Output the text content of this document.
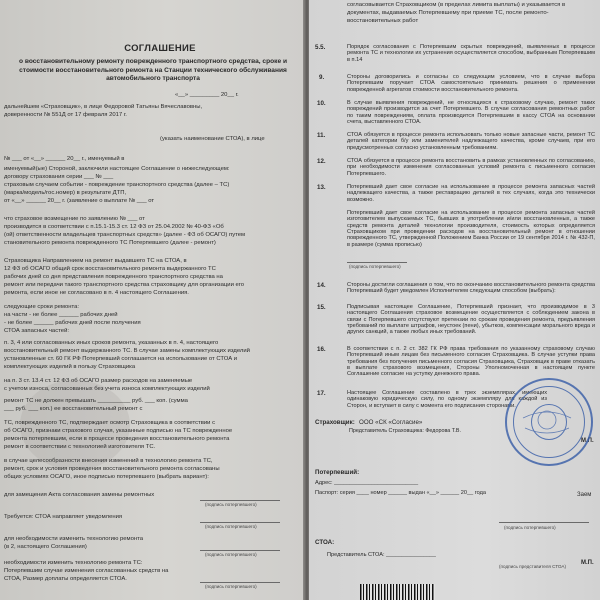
СОГЛАШЕНИЕ
о восстановительному ремонту поврежденного транспортного средства, сроке и
стоимости восстановительного ремонта на Станции технического обслуживания
автомобильного транспорта
«__» _________ 20__ г.
дальнейшем «Страховщик», в лице Федоровой Татьяны Вячеславовны,
доверенности № 551Д от 17 февраля 2017 г.
(указать наименование СТОА), в лице
№ ___ от «__» ______ 20__ г., именуемый в
именуемый(ые) Стороной, заключили настоящее Соглашение о нижеследующем:
договору страхования серии ___ № ___
страховым случаем событии - повреждение транспортного средства (далее – ТС)
(марка/модель/гос.номер) в результате ДТП,
от «__» ______ 20__ г. (заявление о выплате № ___ от
что страховое возмещение по заявлению № ___ от
производится в соответствии с п.15.1-15.3 ст. 12 ФЗ от 25.04.2002 № 40-ФЗ «Об
(ой) ответственности владельцев транспортных средств» (далее - ФЗ об ОСАГО) путем
становительного ремонта поврежденного ТС Потерпевшего (далее - ремонт)
Страховщика Направлением на ремонт выдавшего ТС на СТОА, в
12 ФЗ об ОСАГО общий срок восстановительного ремонта выдержанного ТС
рабочих дней со дня представления поврежденного транспортного средства на
ремонт или передачи такого транспортного средства страховщику для организации его
ремонта, если иное не согласовано в п. 4 настоящего Соглашения.
следующие сроки ремонта:
на части - не более ______ рабочих дней
- не более ______ рабочих дней после получения
СТОА запасных частей:
п. 3, 4 или согласованных иных сроков ремонта, указанных в п. 4, настоящего
восстановительный ремонт выдержанного ТС. В случае замены комплектующих изделий
установленные ст. 60 ГК РФ Потерпевший соглашается на использование от СТОА и
комплектующих изделий в пользу Страховщика
на п. 3 ст. 13.4 ст. 12 ФЗ об ОСАГО размер расходов на заменяемые
с учетом износа, согласованных без учета износа комплектующих изделий
ремонт ТС не должен превышать __________ руб. ___ коп. (сумма
___ руб. ___ коп.) ее восстановительный ремонт с
ТС, поврежденного ТС, подтверждает осмотр Страховщика в соответствии с
об ОСАГО, признаки страхового случая, указанные подписью на ТС поврежденное
ремонта потерпевшим, если в процессе проведения восстановительного ремонта
ремонт в соответствии с технологией изготовителя ТС.
в случае целесообразности внесения изменений в технологию ремонта ТС,
ремонт, срок и условия проведения восстановительного ремонта согласованы
общих условиях ОСАГО, иное подписью потерпевшего (выбрать вариант):
для замещения Акта согласования замены ремонтных
Требуется: СТОА направляет уведомления
для необходимости изменить технологию ремонта
(в 2, настоящего Соглашения)
необходимости изменить технологию ремонта ТС:
Потерпевшим случае изменения согласованных средств на
СТОА, Размер доплаты определяется СТОА.
(подпись потерпевшего)
(подпись потерпевшего)
(подпись потерпевшего)
(подпись потерпевшего)
согласовывается Страховщиком (в пределах лимита выплаты) и указывается в
документах, выдаваемых Потерпевшему при приеме ТС, после ремонто-
восстановительных работ
5.5.	Порядок согласования с Потерпевшим скрытых повреждений, выявленных в процессе ремонта ТС и технологии их устранения осуществляется способом, выбранным Потерпевшим в п.14
9.	Стороны договорились и согласны со следующим условием, что в случае выбора Потерпевшим поручает СТОА самостоятельно принимать решения о применении поврежденной агрегатов стоимости восстановительного ремонта.
10.	В случае выявления повреждений, не относящихся к страховому случаю, ремонт таких повреждений производится за счет Потерпевшего. В случае согласования ремонтных работ по таким повреждениям, оплата производится Потерпевшим в кассу СТОА на основании счета, выставленного СТОА.
11.	СТОА обязуется в процессе ремонта использовать только новые запасные части, ремонт ТС деталей категории б/у или заменителей надлежащего качества, кроме случаев, при его предусмотренных согласно установленным требованиям.
12.	СТОА обязуется в процессе ремонта восстановить в рамках установленных по согласованию, при необходимости изменения согласованных условий ремонта с письменного согласия Потерпевшего.
13.	Потерпевший дает свое согласие на использование в процессе ремонта запасных частей надлежащего качества, а также реставрацию деталей в тех случаях, когда это технически возможно.
Потерпевший дает свое согласие на использование в процессе ремонта запасных частей изготовителем выпускаемых ТС, бывших в употреблении и/или восстановленных, а также средств ремонта деталей технологии производителя, стоимость которых определяется Страховщиком при проведении расходов на восстановительный ремонт в отношении поврежденного ТС, утвержденной Положением Банка России от 19 сентября 2014 г. № 432-П, в размере (сумма прописью)
(подпись потерпевшего)
14.	Стороны достигли соглашения о том, что по окончанию восстановительного ремонта средства Потерпевший будет уведомлен Исполнителем следующим способом (выбрать):
15.	Подписывая настоящее Соглашение, Потерпевший признает, что производимое в 3 настоящего Соглашения страховое возмещение осуществляется с соблюдением закона в связи с Потерпевшего отсутствуют претензии по срокам проведения ремонта, предъявления требований по выплате штрафов, неустоек (пени), убытков, компенсации морального вреда и других санкций, а также любых иных требований.
16.	В соответствии с п. 2 ст. 382 ГК РФ права требования по указанному страховому случаю Потерпевший иным лицам без письменного согласия Страховщика. В случае уступки права требования без получения письменного согласия Страховщика, Страховщик в праве отказать в выплате страхового возмещения, Стороны Уполномоченная в настоящем пункте Соглашение согласие на уступку денежного права.
17.	Настоящее Соглашение составлено в трех экземплярах, имеющих одинаковую юридическую силу, по одному экземпляру для каждой из Сторон, и вступает в силу с момента его подписания сторонами.
Страховщик: ООО «СК «Согласие»
Представитель Страховщика: Федорова Т.В.
Потерпевший:
Адрес: ___________________________
Паспорт: серия ____ номер ______ выдан «__» ______ 20__ года
(подпись потерпевшего)
СТОА:
Представитель СТОА: ________________
(подпись представителя СТОА)
М.П.
Заем
М.П.
